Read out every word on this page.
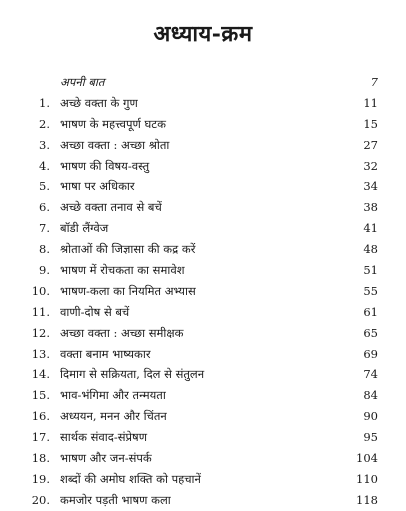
अध्याय-क्रम
अपनी बात	7
1. अच्छे वक्ता के गुण	11
2. भाषण के महत्त्वपूर्ण घटक	15
3. अच्छा वक्ता : अच्छा श्रोता	27
4. भाषण की विषय-वस्तु	32
5. भाषा पर अधिकार	34
6. अच्छे वक्ता तनाव से बचें	38
7. बॉडी लैंग्वेज	41
8. श्रोताओं की जिज्ञासा की कद्र करें	48
9. भाषण में रोचकता का समावेश	51
10. भाषण-कला का नियमित अभ्यास	55
11. वाणी-दोष से बचें	61
12. अच्छा वक्ता : अच्छा समीक्षक	65
13. वक्ता बनाम भाष्यकार	69
14. दिमाग से सक्रियता, दिल से संतुलन	74
15. भाव-भंगिमा और तन्मयता	84
16. अध्ययन, मनन और चिंतन	90
17. सार्थक संवाद-संप्रेषण	95
18. भाषण और जन-संपर्क	104
19. शब्दों की अमोघ शक्ति को पहचानें	110
20. कमजोर पड़ती भाषण कला	118
